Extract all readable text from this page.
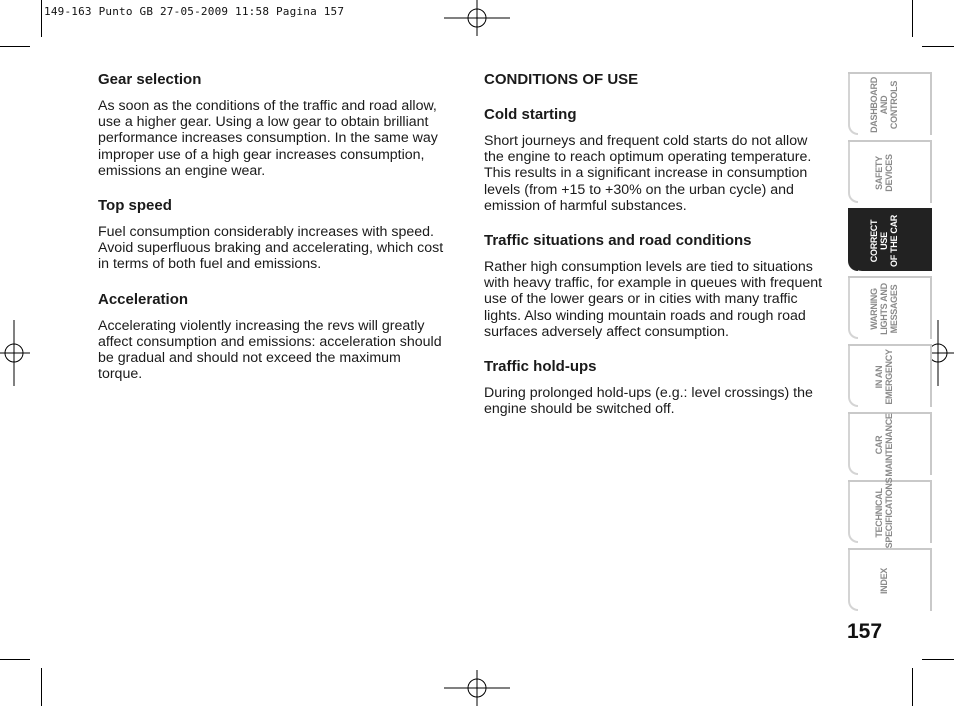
149-163 Punto GB 27-05-2009 11:58 Pagina 157

Gear selection

As soon as the conditions of the traffic and road allow, use a higher gear. Using a low gear to obtain brilliant performance increases consumption. In the same way improper use of a high gear increases consumption, emissions an engine wear.

Top speed

Fuel consumption considerably increases with speed. Avoid superfluous braking and accelerating, which cost in terms of both fuel and emissions.

Acceleration

Accelerating violently increasing the revs will greatly affect consumption and emissions: acceleration should be gradual and should not exceed the maximum torque.

CONDITIONS OF USE

Cold starting

Short journeys and frequent cold starts do not allow the engine to reach optimum operating temperature. This results in a significant increase in consumption levels (from +15 to +30% on the urban cycle) and emission of harmful substances.

Traffic situations and road conditions

Rather high consumption levels are tied to situations with heavy traffic, for example in queues with frequent use of the lower gears or in cities with many traffic lights. Also winding mountain roads and rough road surfaces adversely affect consumption.

Traffic hold-ups

During prolonged hold-ups (e.g.: level crossings) the engine should be switched off.

DASHBOARD
AND
CONTROLS
SAFETY
DEVICES
CORRECT USE
OF THE CAR
WARNING
LIGHTS AND
MESSAGES
IN AN
EMERGENCY
CAR
MAINTENANCE
TECHNICAL
SPECIFICATIONS
INDEX
157
